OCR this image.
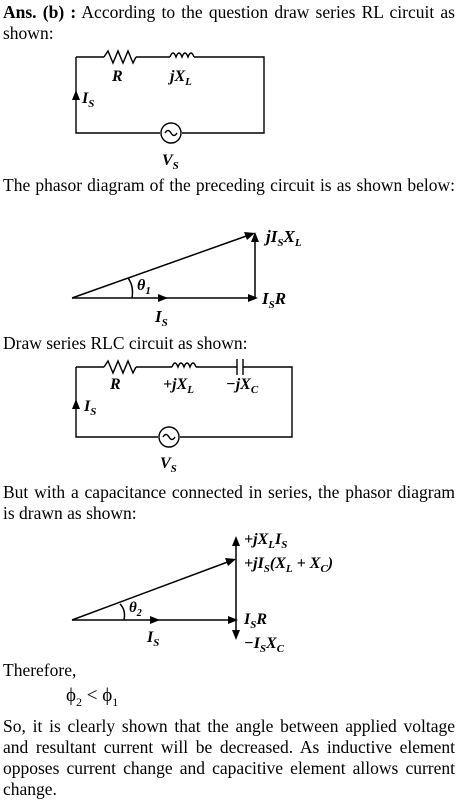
Ans. (b) : According to the question draw series RL circuit as shown:

R	$jX_L$
$I_S$
$V_S$

The phasor diagram of the preceding circuit is as shown below:

$\theta_1$
$jI_SX_L$
$I_SR$
$I_S$

Draw series RLC circuit as shown:

R	$+jX_L -jX_C$
$I_S$
$V_S$

But with a capacitance connected in series, the phasor diagram is drawn as shown:

$\theta_2$
$+jX_LI_S$
$+jI_S(X_L + X_C)$
$I_SR$
$-I_SX_C$
$I_S$

Therefore,

$\phi_2 < \phi_1$

So, it is clearly shown that the angle between applied voltage and resultant current will be decreased. As inductive element opposes current change and capacitive element allows current change.
